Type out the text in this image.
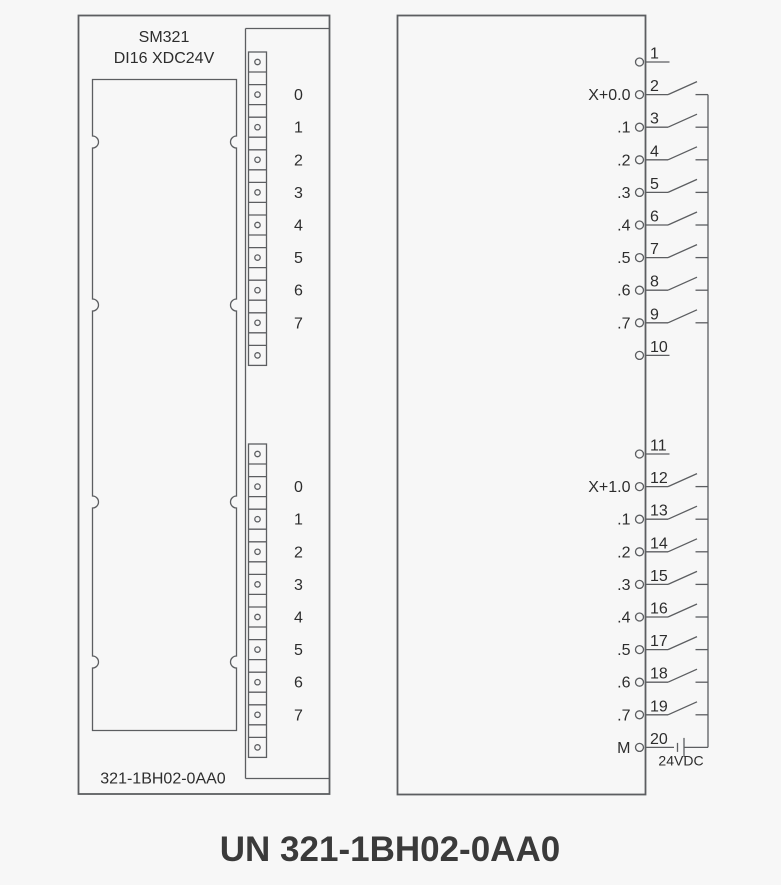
SM321
DI16 XDC24V
0
1
2
3
4
5
6
7
0
1
2
3
4
5
6
7
321-1BH02-0AA0
1
2
X+0.0
3
.1
4
.2
5
.3
6
.4
7
.5
8
.6
9
.7
10
11
12
X+1.0
13
.1
14
.2
15
.3
16
.4
17
.5
18
.6
19
.7
20
M
24VDC
UN 321-1BH02-0AA0
